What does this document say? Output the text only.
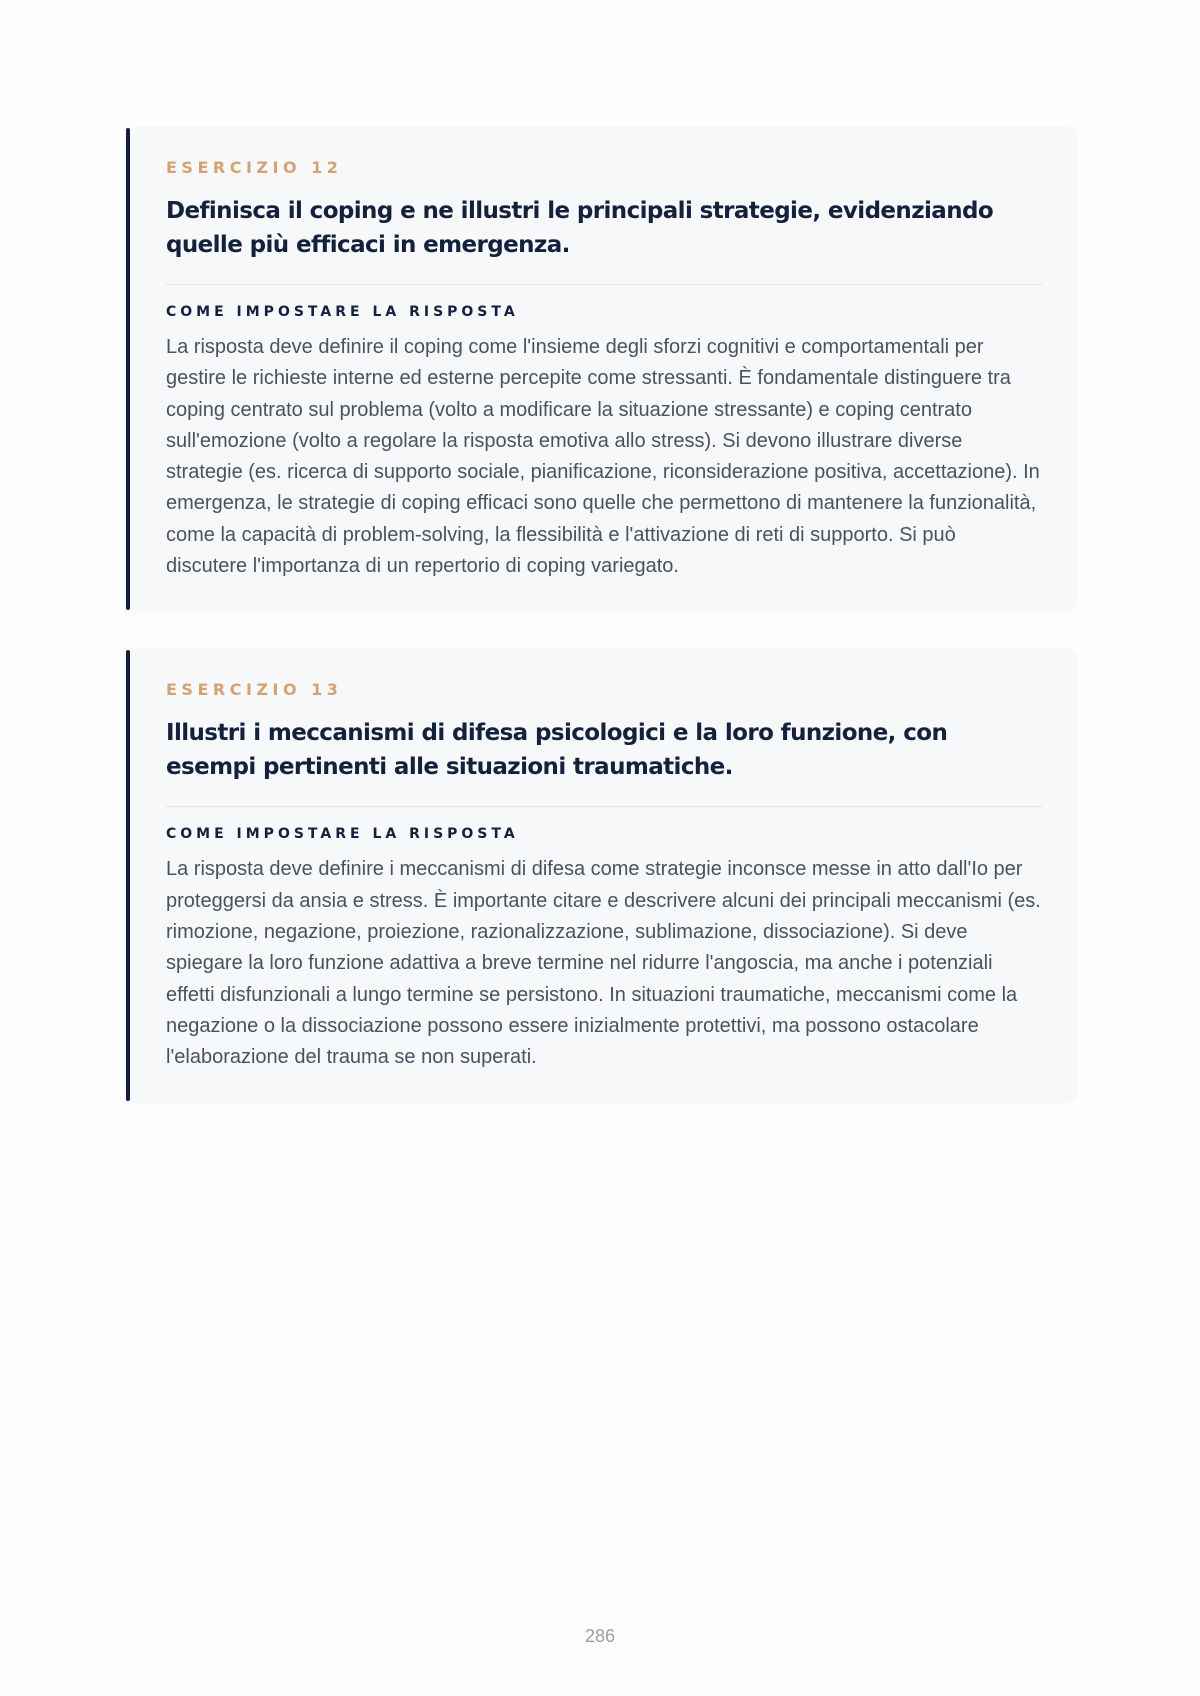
ESERCIZIO 12
Definisca il coping e ne illustri le principali strategie, evidenziando quelle più efficaci in emergenza.
COME IMPOSTARE LA RISPOSTA

La risposta deve definire il coping come l'insieme degli sforzi cognitivi e comportamentali per gestire le richieste interne ed esterne percepite come stressanti. È fondamentale distinguere tra coping centrato sul problema (volto a modificare la situazione stressante) e coping centrato sull'emozione (volto a regolare la risposta emotiva allo stress). Si devono illustrare diverse strategie (es. ricerca di supporto sociale, pianificazione, riconsiderazione positiva, accettazione). In emergenza, le strategie di coping efficaci sono quelle che permettono di mantenere la funzionalità, come la capacità di problem-solving, la flessibilità e l'attivazione di reti di supporto. Si può discutere l'importanza di un repertorio di coping variegato.

ESERCIZIO 13
Illustri i meccanismi di difesa psicologici e la loro funzione, con esempi pertinenti alle situazioni traumatiche.
COME IMPOSTARE LA RISPOSTA

La risposta deve definire i meccanismi di difesa come strategie inconsce messe in atto dall'Io per proteggersi da ansia e stress. È importante citare e descrivere alcuni dei principali meccanismi (es. rimozione, negazione, proiezione, razionalizzazione, sublimazione, dissociazione). Si deve spiegare la loro funzione adattiva a breve termine nel ridurre l'angoscia, ma anche i potenziali effetti disfunzionali a lungo termine se persistono. In situazioni traumatiche, meccanismi come la negazione o la dissociazione possono essere inizialmente protettivi, ma possono ostacolare l'elaborazione del trauma se non superati.

286
